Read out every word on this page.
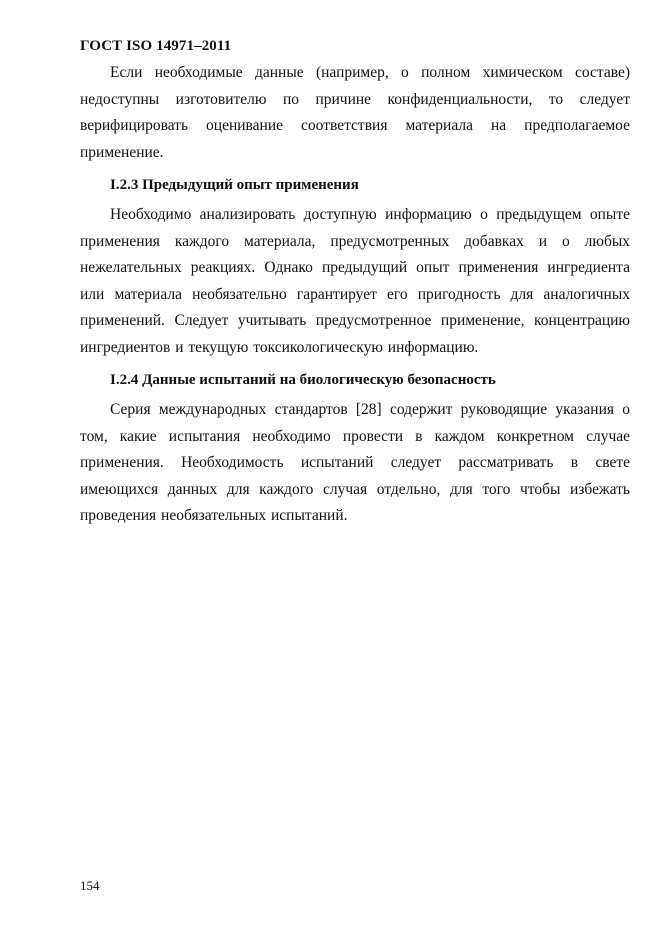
ГОСТ ISO 14971–2011

Если необходимые данные (например, о полном химическом составе) недоступны изготовителю по причине конфиденциальности, то следует верифицировать оценивание соответствия материала на предполагаемое применение.

I.2.3 Предыдущий опыт применения

Необходимо анализировать доступную информацию о предыдущем опыте применения каждого материала, предусмотренных добавках и о любых нежелательных реакциях. Однако предыдущий опыт применения ингредиента или материала необязательно гарантирует его пригодность для аналогичных применений. Следует учитывать предусмотренное применение, концентрацию ингредиентов и текущую токсикологическую информацию.

I.2.4 Данные испытаний на биологическую безопасность

Серия международных стандартов [28] содержит руководящие указания о том, какие испытания необходимо провести в каждом конкретном случае применения. Необходимость испытаний следует рассматривать в свете имеющихся данных для каждого случая отдельно, для того чтобы избежать проведения необязательных испытаний.

154
